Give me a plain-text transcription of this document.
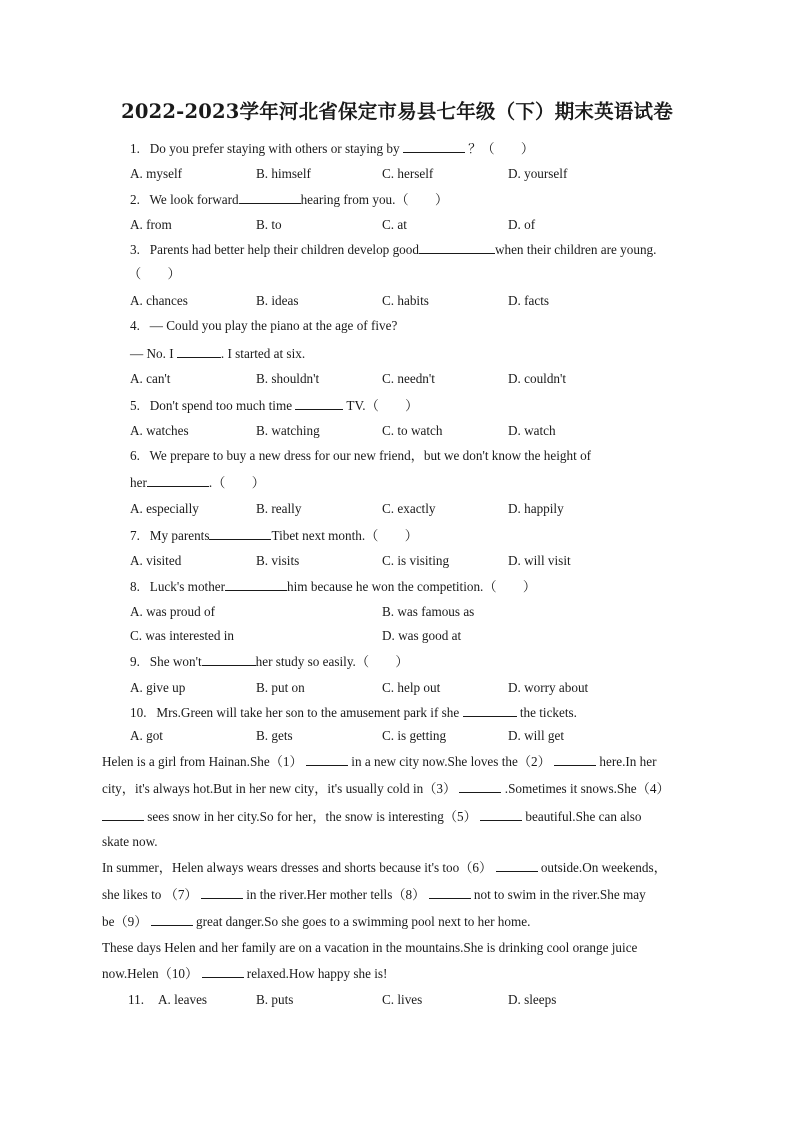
2022-2023学年河北省保定市易县七年级（下）期末英语试卷
1. Do you prefer staying with others or staying by	？（　　）
A. myself	B. himself	C. herself	D. yourself
2. We look forward	hearing from you.（　　）
A. from	B. to	C. at	D. of
3. Parents had better help their children develop good	when their children are young.
（　　）
A. chances	B. ideas	C. habits	D. facts
4. — Could you play the piano at the age of five?
— No. I	. I started at six.
A. can't	B. shouldn't	C. needn't	D. couldn't
5. Don't spend too much time	TV.（　　）
A. watches	B. watching	C. to watch	D. watch
6. We prepare to buy a new dress for our new friend，but we don't know the height of
her	.（　　）
A. especially	B. really	C. exactly	D. happily
7. My parents	Tibet next month.（　　）
A. visited	B. visits	C. is visiting	D. will visit
8. Luck's mother	him because he won the competition.（　　）
A. was proud of	B. was famous as
C. was interested in	D. was good at
9. She won't	her study so easily.（　　）
A. give up	B. put on	C. help out	D. worry about
10. Mrs.Green will take her son to the amusement park if she	the tickets.
A. got	B. gets	C. is getting	D. will get
Helen is a girl from Hainan.She（1）	in a new city now.She loves the（2）	here.In her
city，it's always hot.But in her new city，it's usually cold in（3）	.Sometimes it snows.She（4）
sees snow in her city.So for her，the snow is interesting（5）	beautiful.She can also
skate now.
In summer，Helen always wears dresses and shorts because it's too（6）	outside.On weekends，
she likes to （7）	in the river.Her mother tells（8）	not to swim in the river.She may
be（9）	great danger.So she goes to a swimming pool next to her home.
These days Helen and her family are on a vacation in the mountains.She is drinking cool orange juice
now.Helen（10）	relaxed.How happy she is!
11. A. leaves	B. puts	C. lives	D. sleeps
